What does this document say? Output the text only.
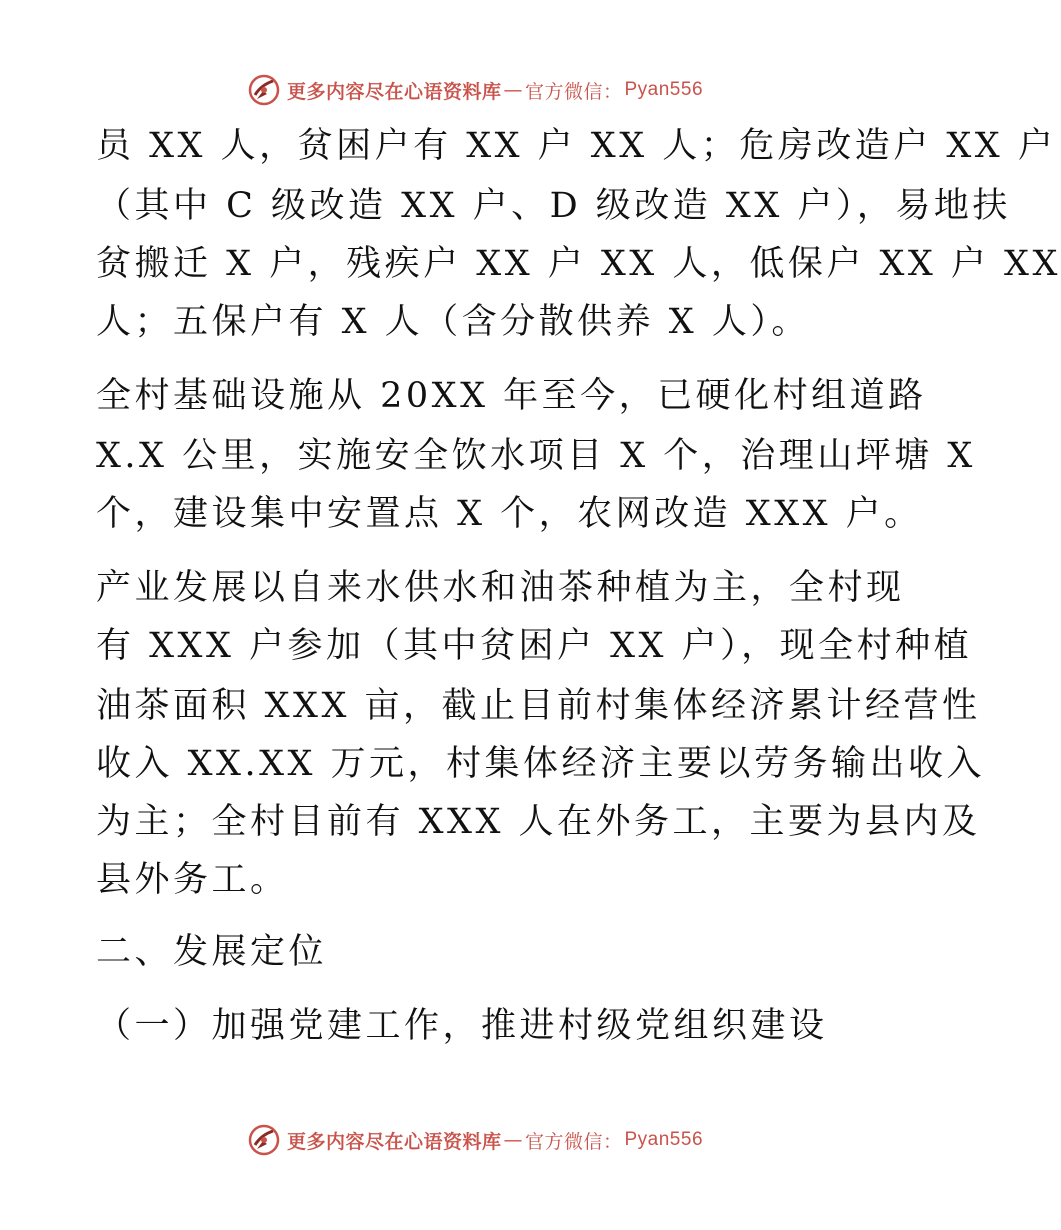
更多内容尽在心语资料库 — 官方微信： Pyan556
员 XX 人，贫困户有 XX 户 XX 人；危房改造户 XX 户
（其中 C 级改造 XX 户、D 级改造 XX 户），易地扶
贫搬迁 X 户，残疾户 XX 户 XX 人，低保户 XX 户 XX
人；五保户有 X 人（含分散供养 X 人）。
全村基础设施从 20XX 年至今，已硬化村组道路
X.X 公里，实施安全饮水项目 X 个，治理山坪塘 X
个，建设集中安置点 X 个，农网改造 XXX 户。
产业发展以自来水供水和油茶种植为主，全村现
有 XXX 户参加（其中贫困户 XX 户），现全村种植
油茶面积 XXX 亩，截止目前村集体经济累计经营性
收入 XX.XX 万元，村集体经济主要以劳务输出收入
为主；全村目前有 XXX 人在外务工，主要为县内及
县外务工。
二、发展定位
（一）加强党建工作，推进村级党组织建设
更多内容尽在心语资料库 — 官方微信： Pyan556
